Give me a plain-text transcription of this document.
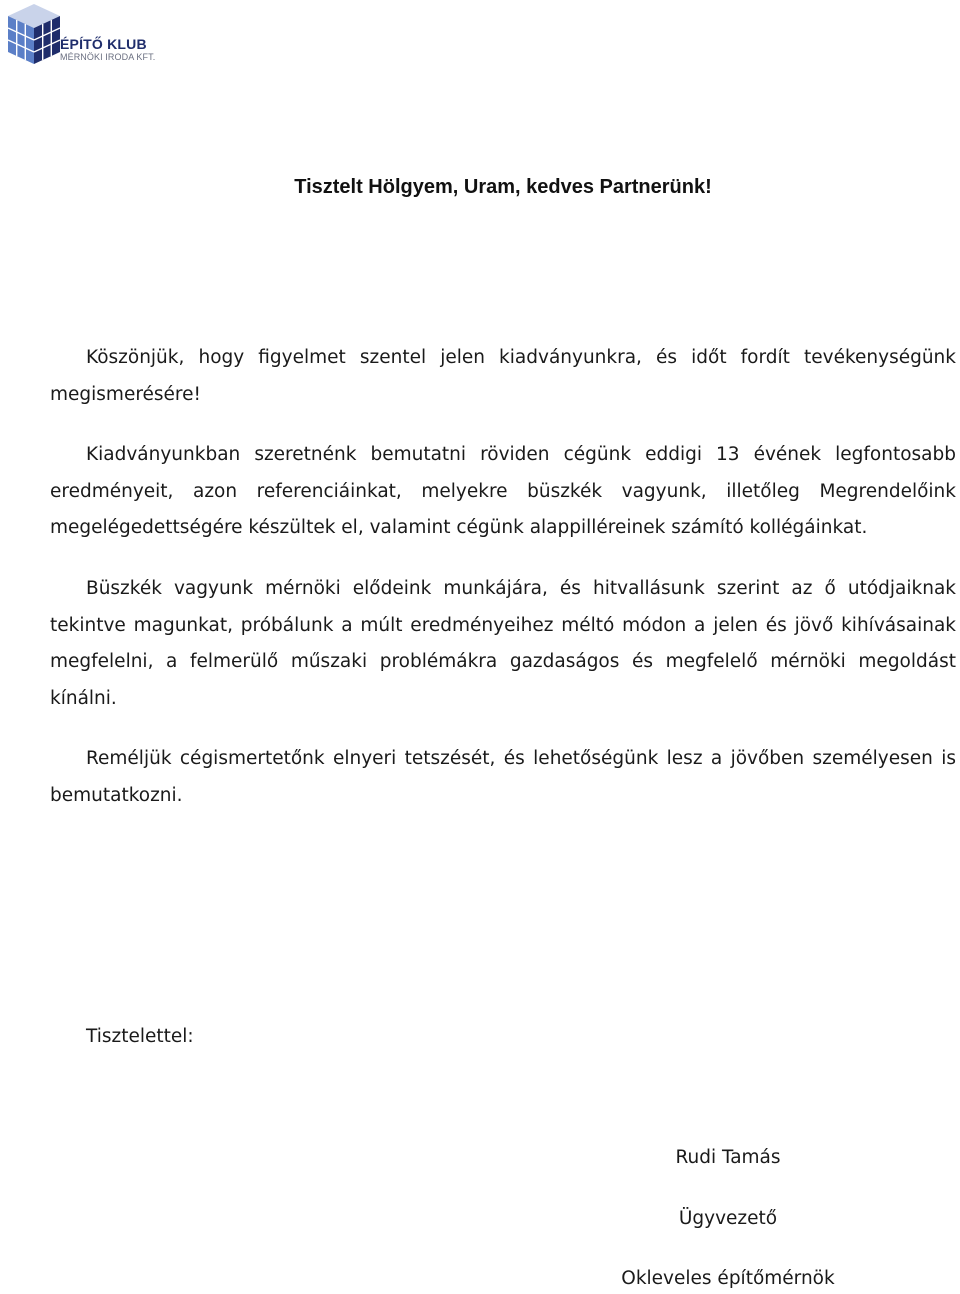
ÉPÍTŐ KLUB
MÉRNÖKI IRODA KFT.
Tisztelt Hölgyem, Uram, kedves Partnerünk!

Köszönjük, hogy figyelmet szentel jelen kiadványunkra, és időt fordít tevékenységünk megismerésére!

Kiadványunkban szeretnénk bemutatni röviden cégünk eddigi 13 évének legfontosabb eredményeit, azon referenciáinkat, melyekre büszkék vagyunk, illetőleg Megrendelőink megelégedettségére készültek el, valamint cégünk alappilléreinek számító kollégáinkat.

Büszkék vagyunk mérnöki elődeink munkájára, és hitvallásunk szerint az ő utódjaiknak tekintve magunkat, próbálunk a múlt eredményeihez méltó módon a jelen és jövő kihívásainak megfelelni, a felmerülő műszaki problémákra gazdaságos és megfelelő mérnöki megoldást kínálni.

Reméljük cégismertetőnk elnyeri tetszését, és lehetőségünk lesz a jövőben személyesen is bemutatkozni.

Tisztelettel:
Rudi Tamás
Ügyvezető
Okleveles építőmérnök
